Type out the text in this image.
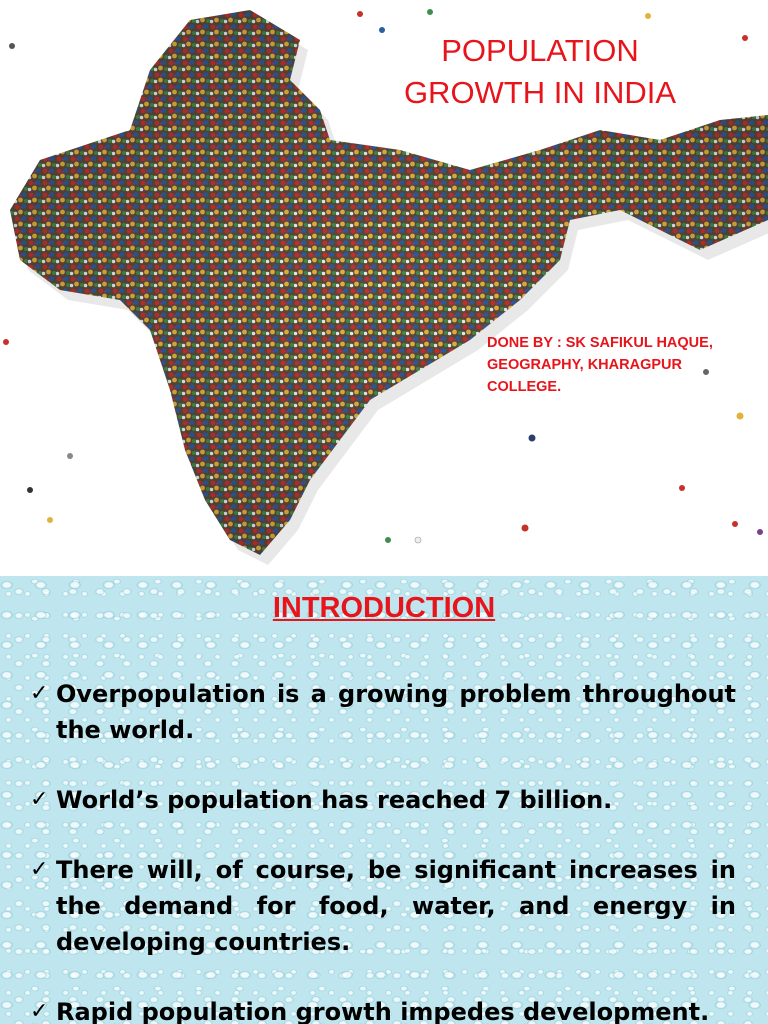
POPULATION
GROWTH IN INDIA
DONE BY : SK SAFIKUL HAQUE,
GEOGRAPHY, KHARAGPUR
COLLEGE.
INTRODUCTION
✓ Overpopulation is a growing problem throughout the world.
✓ World’s population has reached 7 billion.
✓ There will, of course, be significant increases in the demand for food, water, and energy in developing countries.
✓ Rapid population growth impedes development.
